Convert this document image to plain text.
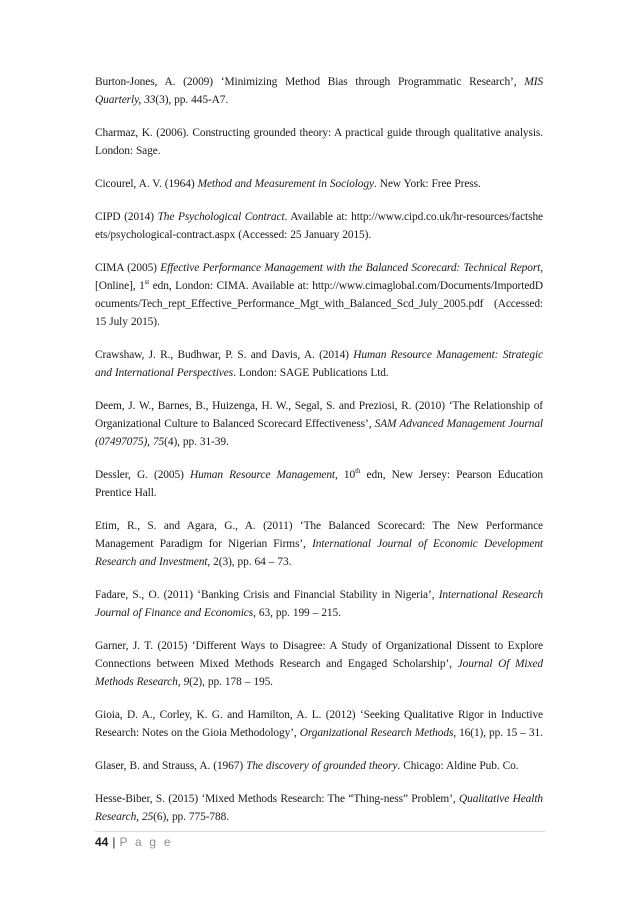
Burton-Jones, A. (2009) ‘Minimizing Method Bias through Programmatic Research’, MIS Quarterly, 33(3), pp. 445-A7.

Charmaz, K. (2006). Constructing grounded theory: A practical guide through qualitative analysis. London: Sage.

Cicourel, A. V. (1964) Method and Measurement in Sociology. New York: Free Press.

CIPD (2014) The Psychological Contract. Available at: http://www.cipd.co.uk/hr-resources/factsheets/psychological-contract.aspx (Accessed: 25 January 2015).

CIMA (2005) Effective Performance Management with the Balanced Scorecard: Technical Report, [Online], 1st edn, London: CIMA. Available at: http://www.cimaglobal.com/Documents/ImportedDocuments/Tech_rept_Effective_Performance_Mgt_with_Balanced_Scd_July_2005.pdf (Accessed: 15 July 2015).

Crawshaw, J. R., Budhwar, P. S. and Davis, A. (2014) Human Resource Management: Strategic and International Perspectives. London: SAGE Publications Ltd.

Deem, J. W., Barnes, B., Huizenga, H. W., Segal, S. and Preziosi, R. (2010) ‘The Relationship of Organizational Culture to Balanced Scorecard Effectiveness’, SAM Advanced Management Journal (07497075), 75(4), pp. 31-39.

Dessler, G. (2005) Human Resource Management, 10th edn, New Jersey: Pearson Education Prentice Hall.

Etim, R., S. and Agara, G., A. (2011) ‘The Balanced Scorecard: The New Performance Management Paradigm for Nigerian Firms’, International Journal of Economic Development Research and Investment, 2(3), pp. 64 – 73.

Fadare, S., O. (2011) ‘Banking Crisis and Financial Stability in Nigeria’, International Research Journal of Finance and Economics, 63, pp. 199 – 215.

Garner, J. T. (2015) ‘Different Ways to Disagree: A Study of Organizational Dissent to Explore Connections between Mixed Methods Research and Engaged Scholarship’, Journal Of Mixed Methods Research, 9(2), pp. 178 – 195.

Gioia, D. A., Corley, K. G. and Hamilton, A. L. (2012) ‘Seeking Qualitative Rigor in Inductive Research: Notes on the Gioia Methodology’, Organizational Research Methods, 16(1), pp. 15 – 31.

Glaser, B. and Strauss, A. (1967) The discovery of grounded theory. Chicago: Aldine Pub. Co.

Hesse-Biber, S. (2015) ‘Mixed Methods Research: The “Thing-ness” Problem’, Qualitative Health Research, 25(6), pp. 775-788.

44 | P a g e
